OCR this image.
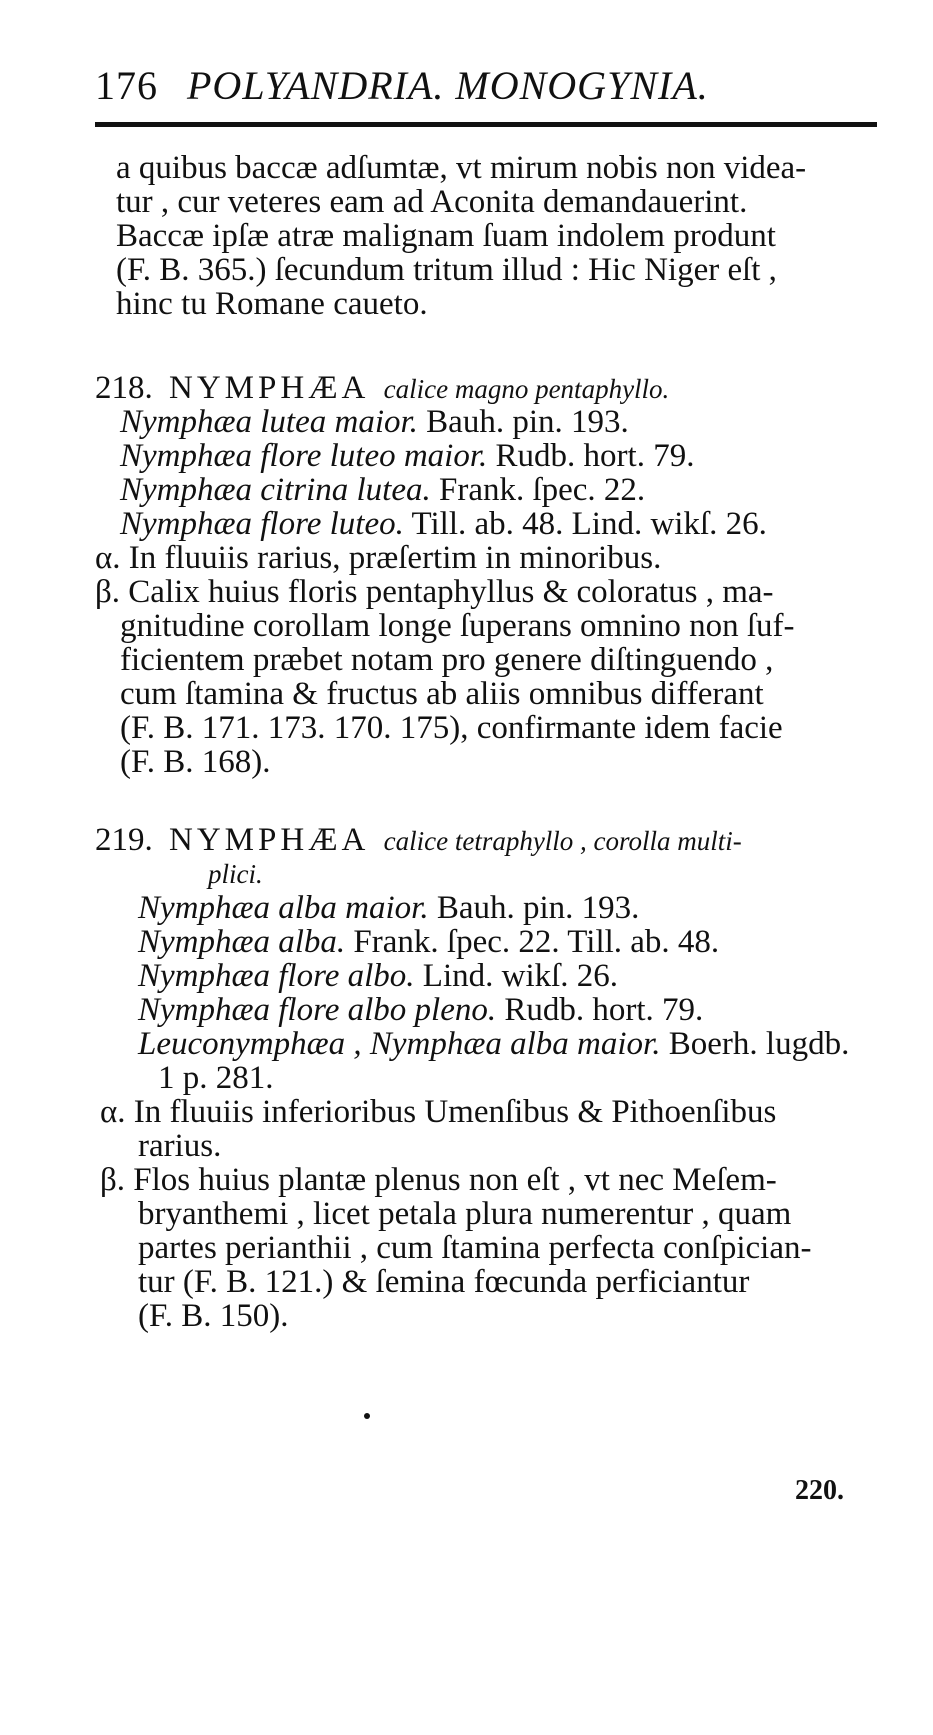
176 POLYANDRIA. MONOGYNIA.
a quibus baccæ adſumtæ, vt mirum nobis non videa-
tur , cur veteres eam ad Aconita demandauerint.
Baccæ ipſæ atræ malignam ſuam indolem produnt
(F. B. 365.) ſecundum tritum illud : Hic Niger eſt ,
hinc tu Romane caueto.
218. NYMPHÆA calice magno pentaphyllo.
Nymphæa lutea maior. Bauh. pin. 193.
Nymphæa flore luteo maior. Rudb. hort. 79.
Nymphæa citrina lutea. Frank. ſpec. 22.
Nymphæa flore luteo. Till. ab. 48. Lind. wikſ. 26.
α. In fluuiis rarius, præſertim in minoribus.
β. Calix huius floris pentaphyllus & coloratus , ma-
gnitudine corollam longe ſuperans omnino non ſuf-
ficientem præbet notam pro genere diſtinguendo ,
cum ſtamina & fructus ab aliis omnibus differant
(F. B. 171. 173. 170. 175), confirmante idem facie
(F. B. 168).
219. NYMPHÆA calice tetraphyllo , corolla multi-
plici.
Nymphæa alba maior. Bauh. pin. 193.
Nymphæa alba. Frank. ſpec. 22. Till. ab. 48.
Nymphæa flore albo. Lind. wikſ. 26.
Nymphæa flore albo pleno. Rudb. hort. 79.
Leuconymphæa , Nymphæa alba maior. Boerh. lugdb.
1 p. 281.
α. In fluuiis inferioribus Umenſibus & Pithoenſibus
rarius.
β. Flos huius plantæ plenus non eſt , vt nec Meſem-
bryanthemi , licet petala plura numerentur , quam
partes perianthii , cum ſtamina perfecta conſpician-
tur (F. B. 121.) & ſemina fœcunda perficiantur
(F. B. 150).
220.
